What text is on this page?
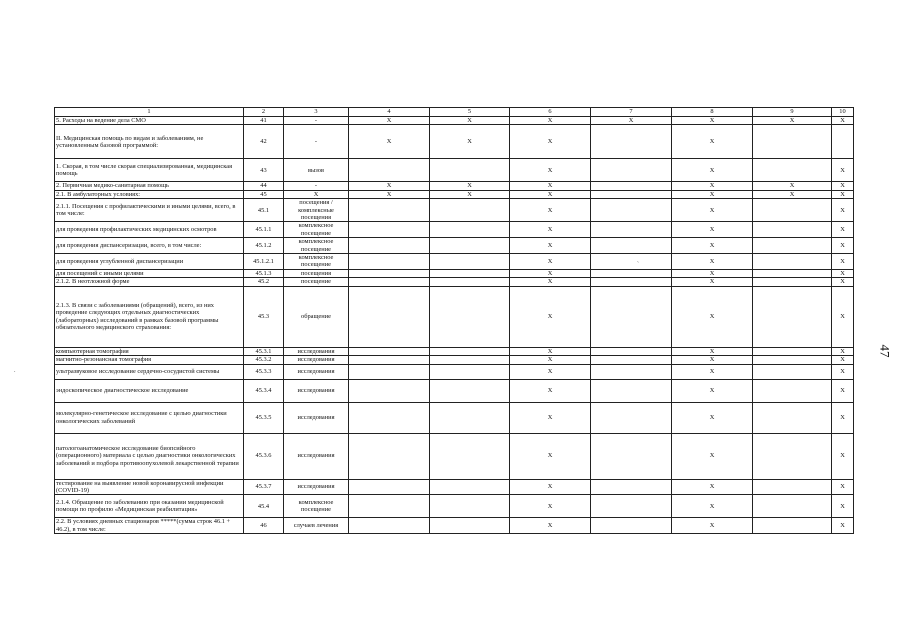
1	2	3	4	5	6	7	8	9	10
5. Расходы на ведение дела СМО	41	-	X	X	X	X	X	X	X
II. Медицинская помощь по видам и заболеваниям, не установленным базовой программой:	42	-	X	X	X		X		
1. Скорая, в том числе скорая специализированная, медицинская помощь	43	вызов			X		X		X
2. Первичная медико-санитарная помощь	44	-	X	X	X		X	X	X
2.1. В амбулаторных условиях:	45	X	X	X	X		X	X	X
2.1.1. Посещения с профилактическими и иными целями, всего, в том числе:	45.1	посещения / комплексные посещения			X		X		X
для проведения профилактических медицинских осмотров	45.1.1	комплексное посещение			X		X		X
для проведения диспансеризации, всего, в том числе:	45.1.2	комплексное посещение			X		X		X
для проведения углубленной диспансеризации	45.1.2.1	комплексное посещение			X		X		X
для посещений с иными целями	45.1.3	посещения			X		X		X
2.1.2. В неотложной форме	45.2	посещение			X		X		X
2.1.3. В связи с заболеваниями (обращений), всего, из них проведение следующих отдельных диагностических (лабораторных) исследований в рамках базовой программы обязательного медицинского страхования:	45.3	обращение			X		X		X
компьютерная томография	45.3.1	исследования			X		X		X
магнитно-резонансная томография	45.3.2	исследования			X		X		X
ультразвуковое исследование сердечно-сосудистой системы	45.3.3	исследования			X		X		X
эндоскопическое диагностическое исследование	45.3.4	исследования			X		X		X
молекулярно-генетическое исследование с целью диагностики онкологических заболеваний	45.3.5	исследования			X		X		X
патологоанатомическое исследование биопсийного (операционного) материала с целью диагностики онкологических заболеваний и подбора противоопухолевой лекарственной терапии	45.3.6	исследования			X		X		X
тестирование на выявление новой коронавирусной инфекции (COVID-19)	45.3.7	исследования			X		X		X
2.1.4. Обращение по заболеванию при оказании медицинской помощи по профилю «Медицинская реабилитация»	45.4	комплексное посещение			X		X		X
2.2. В условиях дневных стационаров *****(сумма строк 46.1 + 46.2), в том числе:	46	случаев лечения			X		X		X
47
.
`
